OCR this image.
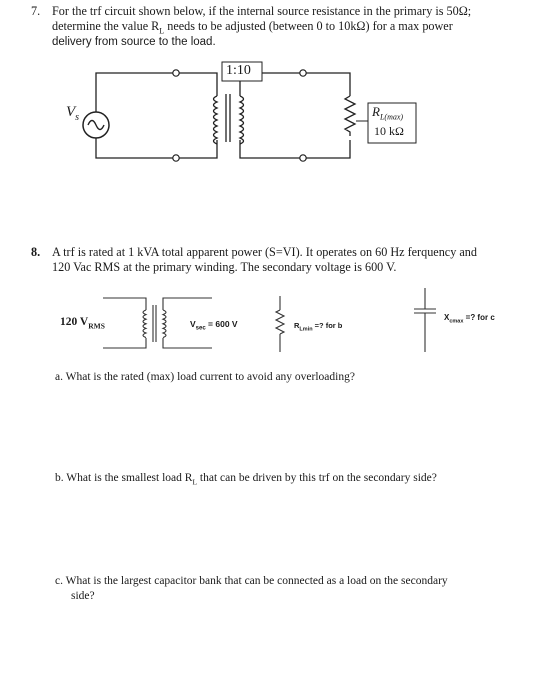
7. For the trf circuit shown below, if the internal source resistance in the primary is 50Ω;
determine the value $R_L$ needs to be adjusted (between 0 to 10kΩ) for a max power
delivery from source to the load.
1:10
$V_s$	$R_{L(max)}$
10 kΩ
8. A trf is rated at 1 kVA total apparent power (S=VI). It operates on 60 Hz ferquency and
120 Vac RMS at the primary winding. The secondary voltage is 600 V.
120 $V_{RMS}$	$V_{sec} = 600$ V	$R_{Lmin}$ =? for b
$X_{cmax}$ =? for c
a. What is the rated (max) load current to avoid any overloading?
b. What is the smallest load $R_L$ that can be driven by this trf on the secondary side?
c. What is the largest capacitor bank that can be connected as a load on the secondary
side?
